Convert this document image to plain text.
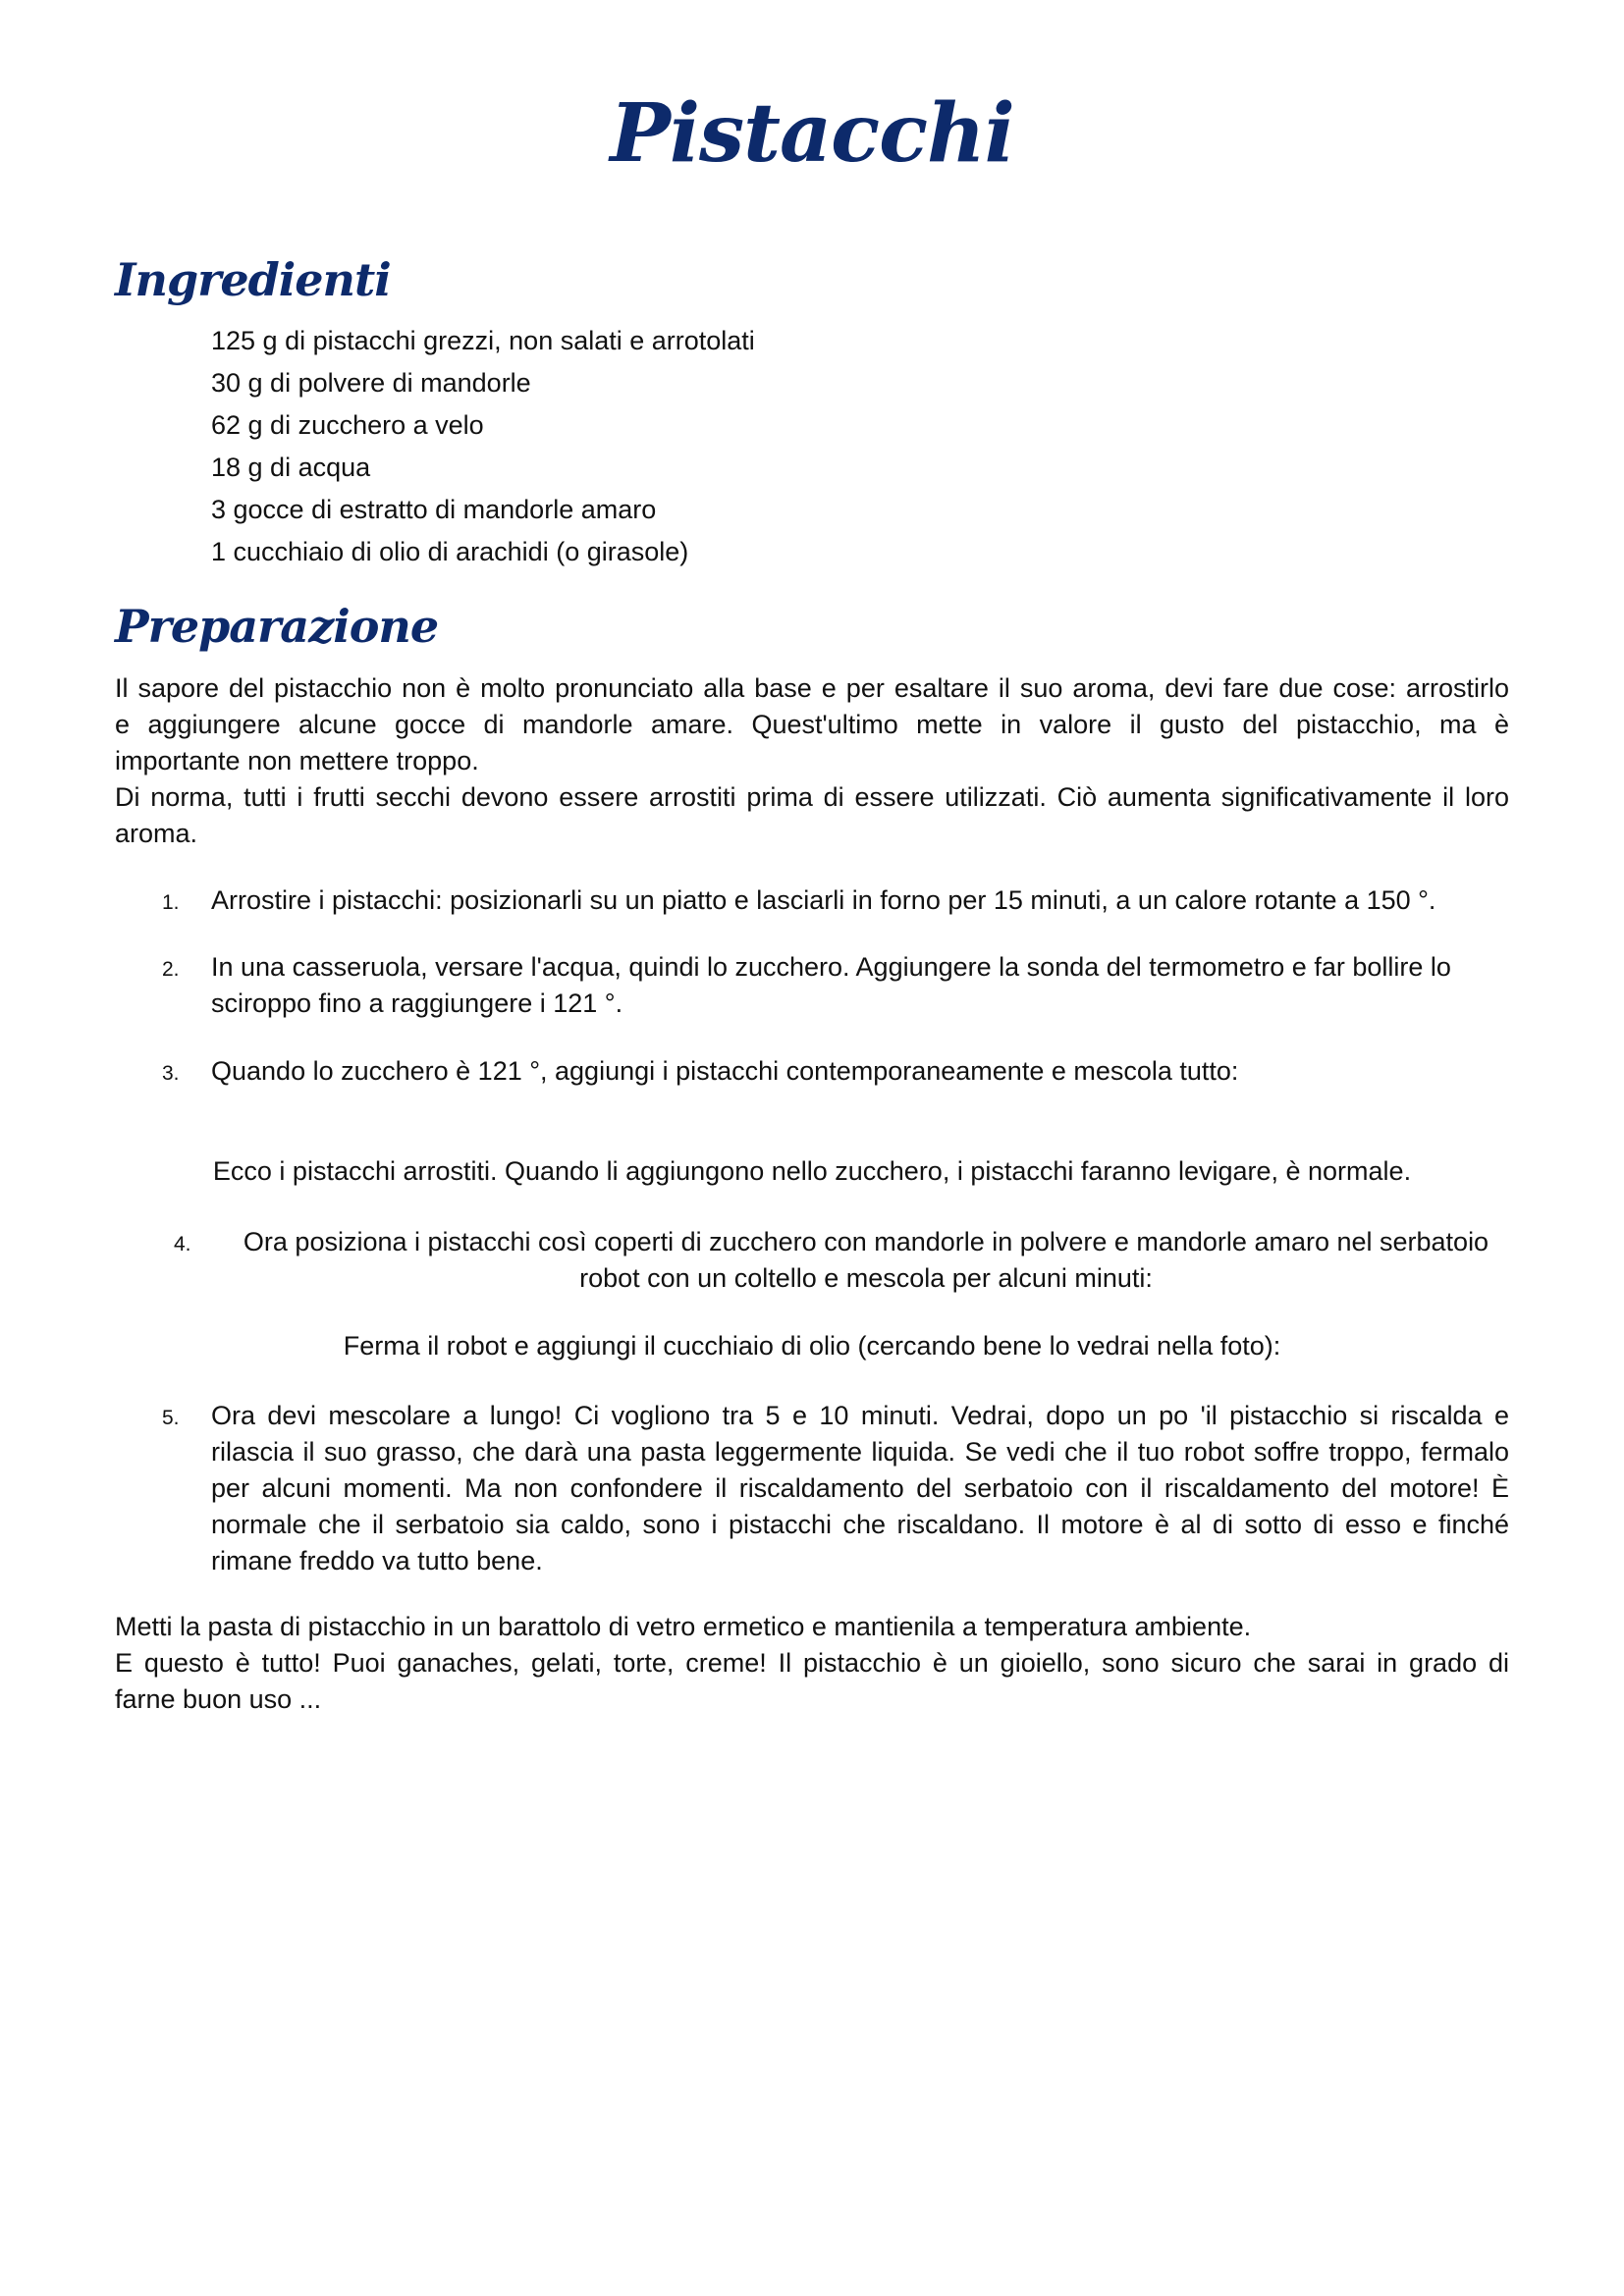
Pistacchi
Ingredienti
125 g di pistacchi grezzi, non salati e arrotolati
30 g di polvere di mandorle
62 g di zucchero a velo
18 g di acqua
3 gocce di estratto di mandorle amaro
1 cucchiaio di olio di arachidi (o girasole)
Preparazione
Il sapore del pistacchio non è molto pronunciato alla base e per esaltare il suo aroma, devi fare due cose: arrostirlo
e aggiungere alcune gocce di mandorle amare. Quest'ultimo mette in valore il gusto del pistacchio, ma è
importante non mettere troppo.
Di norma, tutti i frutti secchi devono essere arrostiti prima di essere utilizzati. Ciò aumenta significativamente il loro
aroma.
1.	Arrostire i pistacchi: posizionarli su un piatto e lasciarli in forno per 15 minuti, a un calore rotante a 150 °.
2.	In una casseruola, versare l'acqua, quindi lo zucchero. Aggiungere la sonda del termometro e far bollire lo
sciroppo fino a raggiungere i 121 °.
3.	Quando lo zucchero è 121 °, aggiungi i pistacchi contemporaneamente e mescola tutto:
Ecco i pistacchi arrostiti. Quando li aggiungono nello zucchero, i pistacchi faranno levigare, è normale.
4.	Ora posiziona i pistacchi così coperti di zucchero con mandorle in polvere e mandorle amaro nel serbatoio
robot con un coltello e mescola per alcuni minuti:
Ferma il robot e aggiungi il cucchiaio di olio (cercando bene lo vedrai nella foto):
5.	Ora devi mescolare a lungo! Ci vogliono tra 5 e 10 minuti. Vedrai, dopo un po 'il pistacchio si riscalda e
rilascia il suo grasso, che darà una pasta leggermente liquida. Se vedi che il tuo robot soffre troppo, fermalo
per alcuni momenti. Ma non confondere il riscaldamento del serbatoio con il riscaldamento del motore! È
normale che il serbatoio sia caldo, sono i pistacchi che riscaldano. Il motore è al di sotto di esso e finché
rimane freddo va tutto bene.
Metti la pasta di pistacchio in un barattolo di vetro ermetico e mantienila a temperatura ambiente.
E questo è tutto! Puoi ganaches, gelati, torte, creme! Il pistacchio è un gioiello, sono sicuro che sarai in grado di
farne buon uso ...
